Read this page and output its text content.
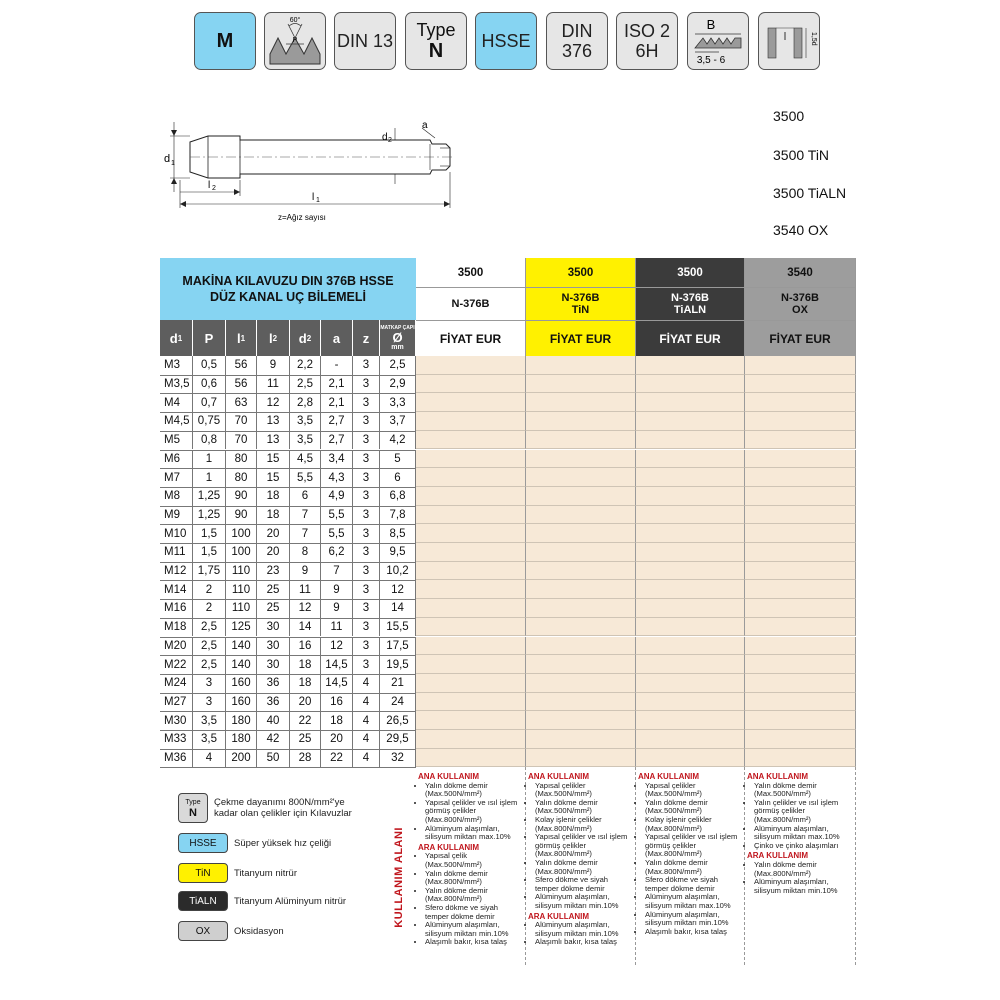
M
60°
P DIN 13
Type
N HSSE DIN
376
ISO 2
6H
B
3,5 - 6
1,5d
d 1
d 2
a
l 2
l 1
z=Ağız sayısı
3500
3500 TiN
3500 TiALN
3540 OX
MAKİNA KILAVUZU DIN 376B HSSE
DÜZ KANAL UÇ BİLEMELİ
3500
N-376B
FİYAT EUR
3500
N-376B
TiN
FİYAT EUR
3500
N-376B
TiALN
FİYAT EUR
3540
N-376B
OX
FİYAT EUR
d 1 P l 1 l 2 d 2 a z
MATKAP ÇAPI
Ø
mm
M3	0,5	56	9	2,2	-	3	2,5
M3,5 0,6	56	11	2,5	2,1	3	2,9
M4	0,7	63	12	2,8	2,1	3	3,3
M4,5 0,75	70	13	3,5	2,7	3	3,7
M5	0,8	70	13	3,5	2,7	3	4,2
M6	1	80	15	4,5	3,4	3	5
M7	1	80	15	5,5	4,3	3	6
M8	1,25	90	18	6	4,9	3	6,8
M9	1,25	90	18	7	5,5	3	7,8
M10	1,5	100	20	7	5,5	3	8,5
M11	1,5	100	20	8	6,2	3	9,5
M12 1,75	110	23	9	7	3	10,2
M14	2	110	25	11	9	3	12
M16	2	110	25	12	9	3	14
M18	2,5	125	30	14	11	3	15,5
M20	2,5	140	30	16	12	3	17,5
M22	2,5	140	30	18	14,5	3	19,5
M24	3	160	36	18	14,5	4	21
M27	3	160	36	20	16	4	24
M30	3,5	180	40	22	18	4	26,5
M33	3,5	180	42	25	20	4	29,5
M36	4	200	50	28	22	4	32
Type
N
Çekme dayanımı 800N/mm²'ye
kadar olan çelikler için Kılavuzlar
HSSE Süper yüksek hız çeliği
TiN Titanyum nitrür
TiALN Titanyum Alüminyum nitrür
OX	Oksidasyon
KULLANIM ALANI
ANA KULLANIM
• Yalın dökme demir (Max.500N/mm²)
• Yapısal çelikler ve ısıl işlem görmüş çelikler (Max.800N/mm²)
• Alüminyum alaşımları, silisyum miktarı max.10%
ARA KULLANIM
• Yapısal çelik (Max.500N/mm²)
• Yalın dökme demir (Max.800N/mm²)
• Yalın dökme demir (Max.800N/mm²)
• Sfero dökme ve siyah temper dökme demir
• Alüminyum alaşımları, silisyum miktarı min.10%
• Alaşımlı bakır, kısa talaş
ANA KULLANIM
• Yapısal çelikler (Max.500N/mm²)
• Yalın dökme demir (Max.500N/mm²)
• Kolay işlenir çelikler (Max.800N/mm²)
• Yapısal çelikler ve ısıl işlem görmüş çelikler (Max.800N/mm²)
• Yalın dökme demir (Max.800N/mm²)
• Sfero dökme ve siyah temper dökme demir
• Alüminyum alaşımları, silisyum miktarı min.10%
ARA KULLANIM
• Alüminyum alaşımları, silisyum miktarı min.10%
• Alaşımlı bakır, kısa talaş
ANA KULLANIM
• Yapısal çelikler (Max.500N/mm²)
• Yalın dökme demir (Max.500N/mm²)
• Kolay işlenir çelikler (Max.800N/mm²)
• Yapısal çelikler ve ısıl işlem görmüş çelikler (Max.800N/mm²)
• Yalın dökme demir (Max.800N/mm²)
• Sfero dökme ve siyah temper dökme demir
• Alüminyum alaşımları, silisyum miktarı max.10%
• Alüminyum alaşımları, silisyum miktarı min.10%
• Alaşımlı bakır, kısa talaş
ANA KULLANIM
• Yalın dökme demir (Max.500N/mm²)
• Yalın çelikler ve ısıl işlem görmüş çelikler (Max.800N/mm²)
• Alüminyum alaşımları, silisyum miktarı max.10%
• Çinko ve çinko alaşımları
ARA KULLANIM
• Yalın dökme demir (Max.800N/mm²)
• Alüminyum alaşımları, silisyum miktarı min.10%
